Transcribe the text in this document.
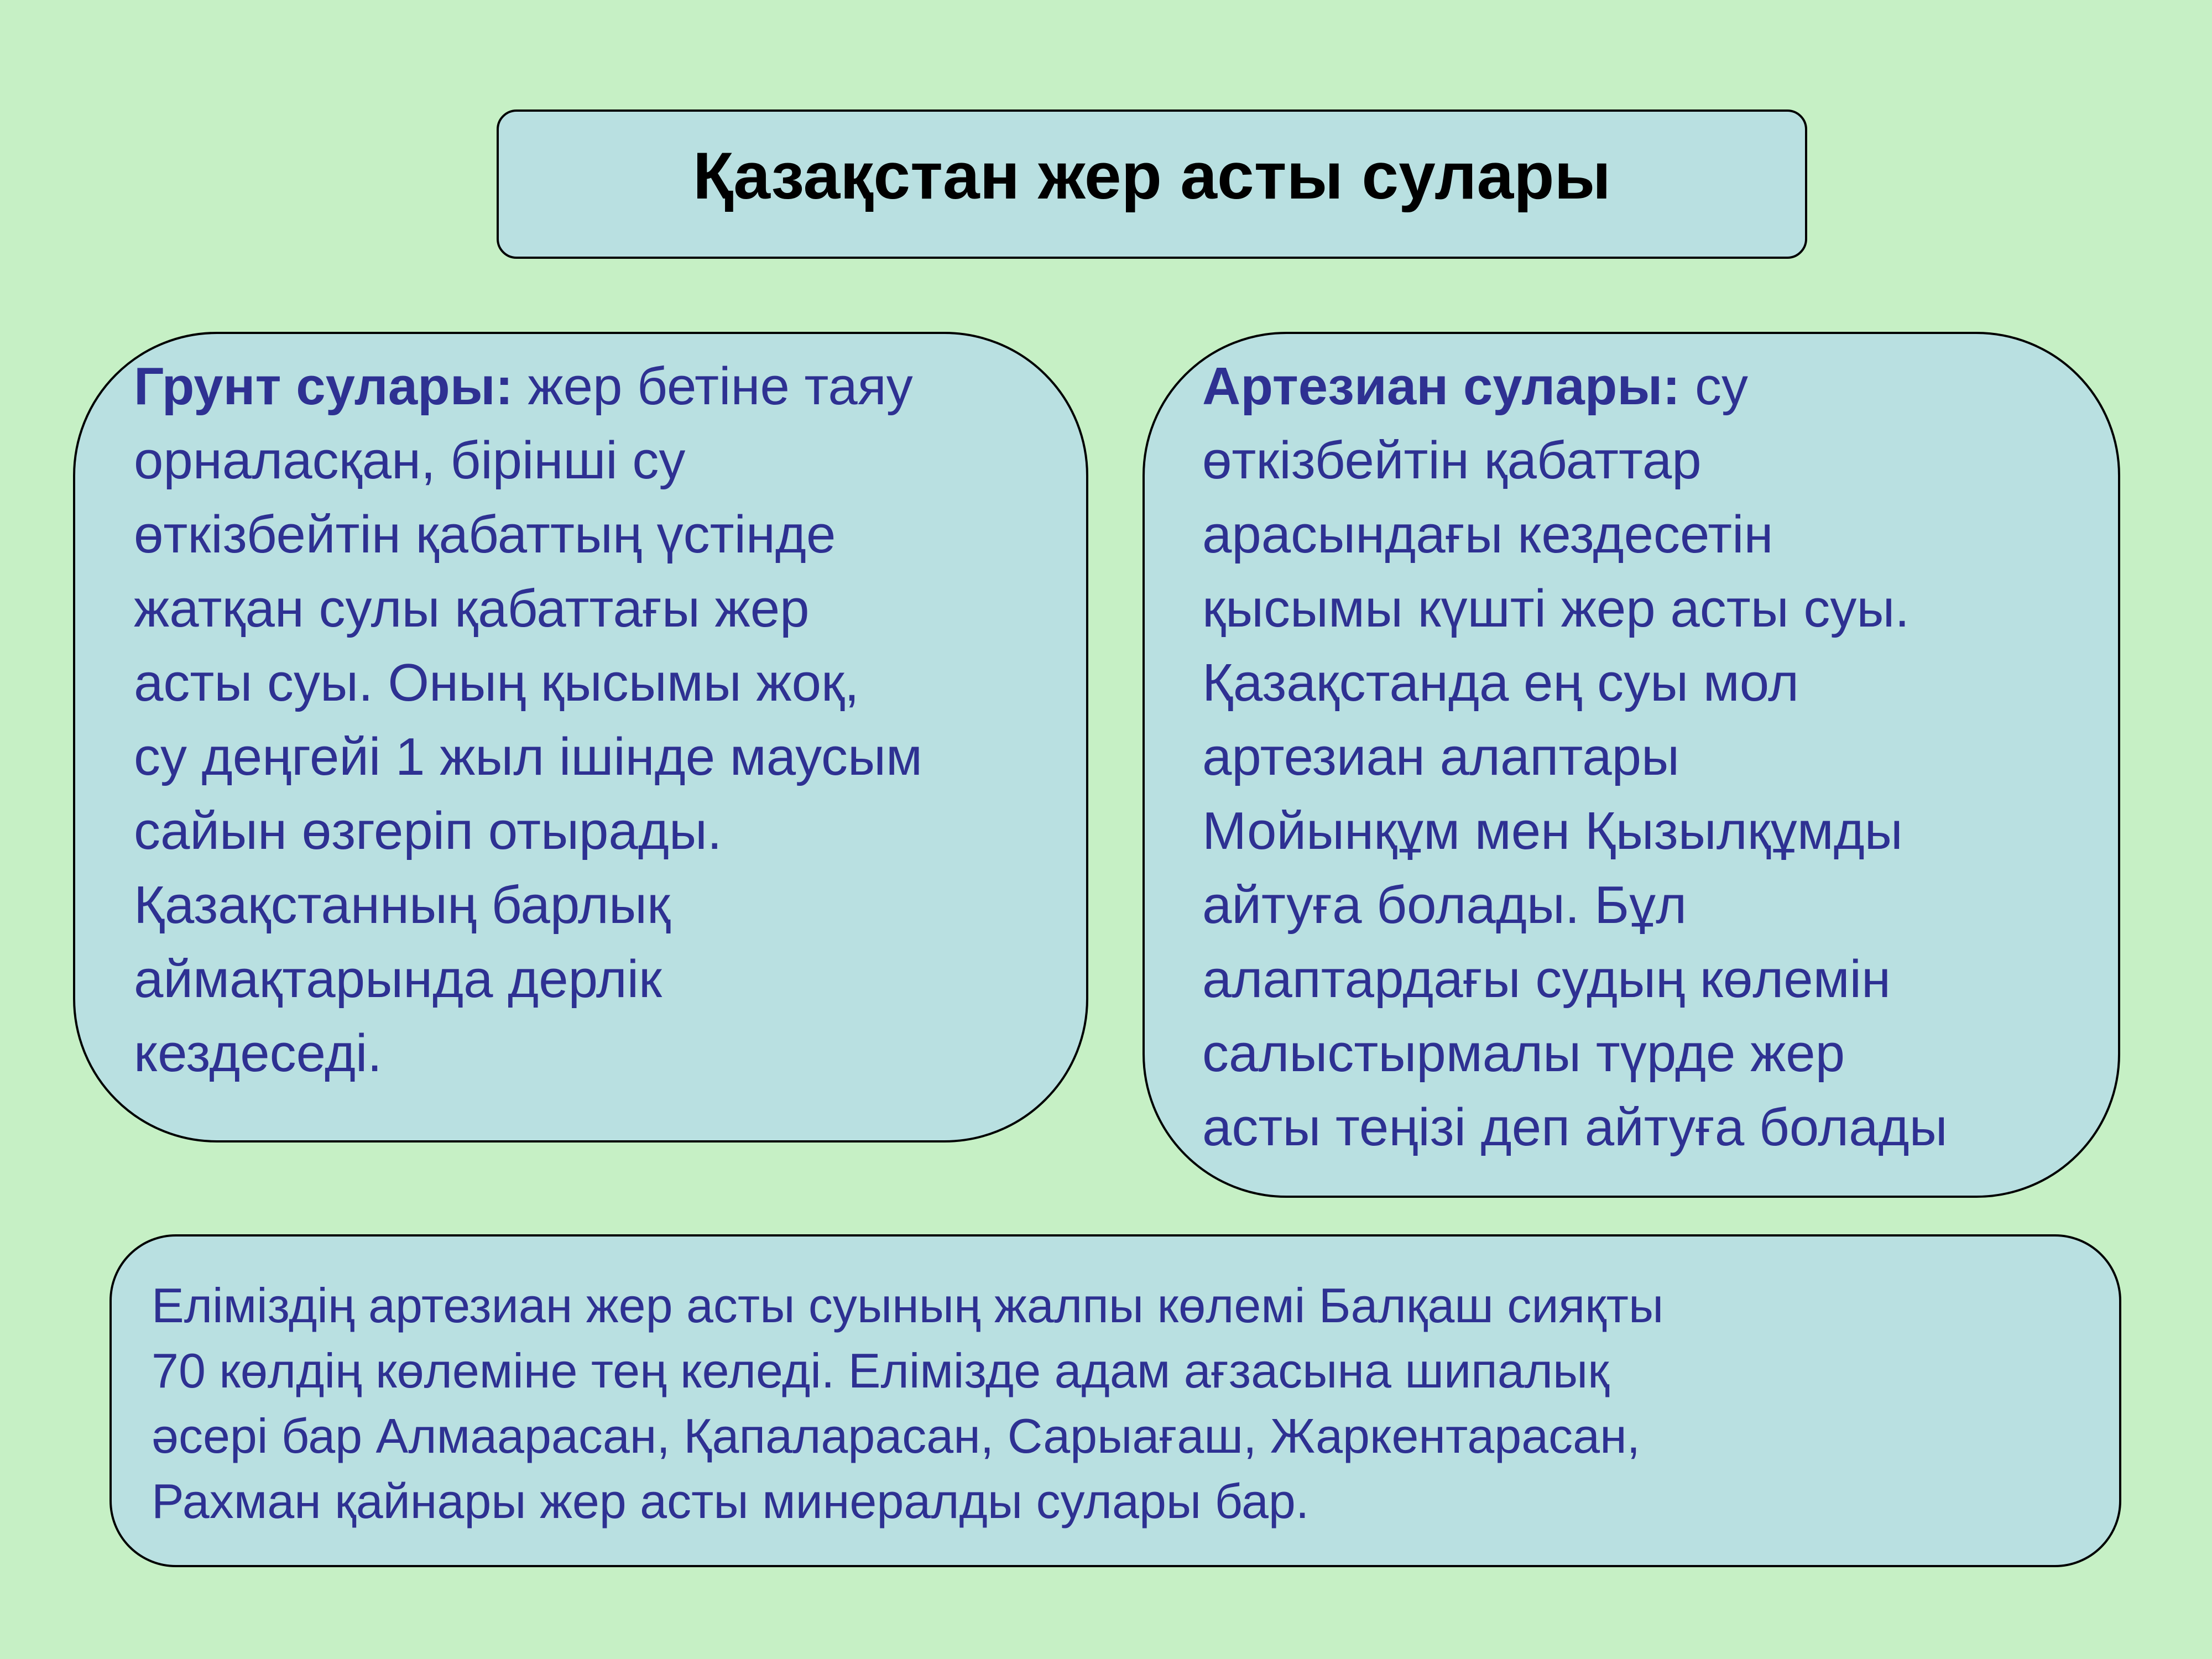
Қазақстан жер асты сулары

Грунт сулары: жер бетіне таяу
орналасқан, бірінші су
өткізбейтін қабаттың үстінде
жатқан сулы қабаттағы жер
асты суы. Оның қысымы жоқ,
су деңгейі 1 жыл ішінде маусым
сайын өзгеріп отырады.
Қазақстанның барлық
аймақтарында дерлік
кездеседі.

Артезиан сулары: су
өткізбейтін қабаттар
арасындағы кездесетін
қысымы күшті жер асты суы.
Қазақстанда ең суы мол
артезиан алаптары
Мойынқұм мен Қызылқұмды
айтуға болады. Бұл
алаптардағы судың көлемін
салыстырмалы түрде жер
асты теңізі деп айтуға болады

Еліміздің артезиан жер асты суының жалпы көлемі Балқаш сияқты
70 көлдің көлеміне тең келеді. Елімізде адам ағзасына шипалық
әсері бар Алмаарасан, Қапаларасан, Сарыағаш, Жаркентарасан,
Рахман қайнары жер асты минералды сулары бар.
